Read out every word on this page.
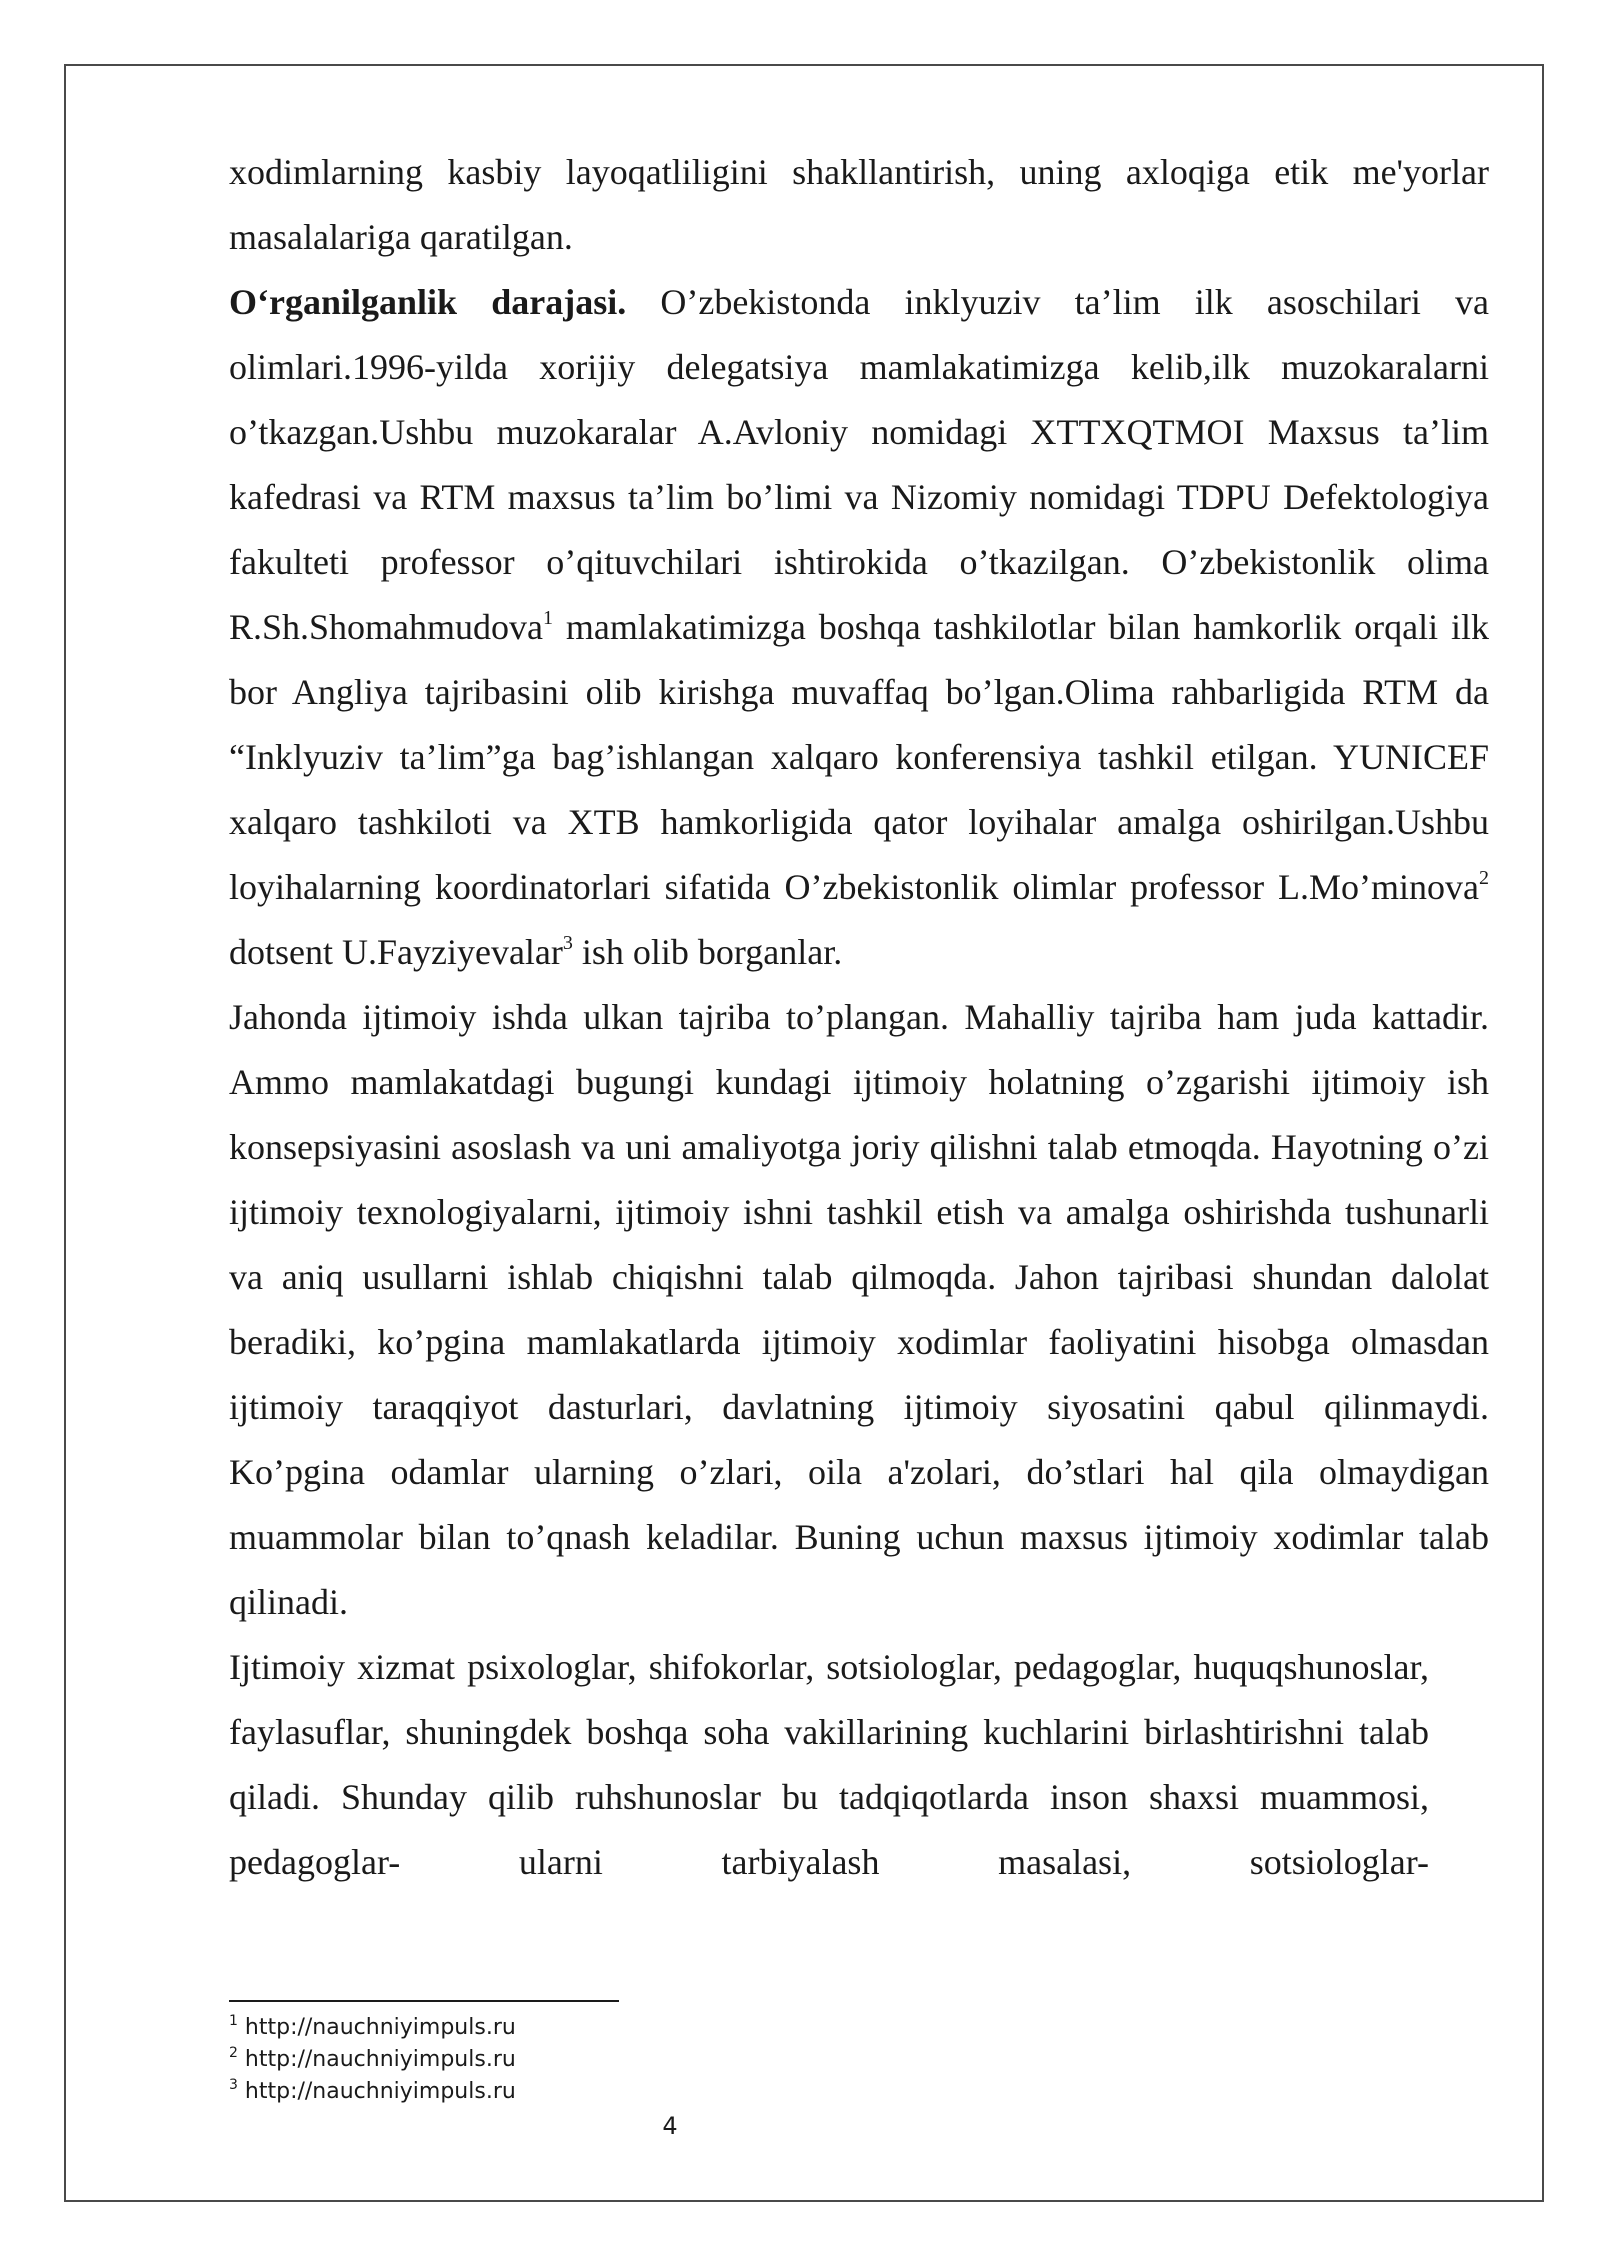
xodimlarning kasbiy layoqatliligini shakllantirish, uning axloqiga etik me'yorlar masalalariga qaratilgan.

O‘rganilganlik darajasi. O’zbekistonda inklyuziv ta’lim ilk asoschilari va olimlari.1996-yilda xorijiy delegatsiya mamlakatimizga kelib,ilk muzokaralarni o’tkazgan.Ushbu muzokaralar A.Avloniy nomidagi XTTXQTMOI Maxsus ta’lim kafedrasi va RTM maxsus ta’lim bo’limi va Nizomiy nomidagi TDPU Defektologiya fakulteti professor o’qituvchilari ishtirokida o’tkazilgan. O’zbekistonlik olima R.Sh.Shomahmudova$^1$ mamlakatimizga boshqa tashkilotlar bilan hamkorlik orqali ilk bor Angliya tajribasini olib kirishga muvaffaq bo’lgan.Olima rahbarligida RTM da “Inklyuziv ta’lim”ga bag’ishlangan xalqaro konferensiya tashkil etilgan. YUNICEF xalqaro tashkiloti va XTB hamkorligida qator loyihalar amalga oshirilgan.Ushbu loyihalarning koordinatorlari sifatida O’zbekistonlik olimlar professor L.Mo’minova$^2$ dotsent U.Fayziyevalar$^3$ ish olib borganlar.

Jahonda ijtimoiy ishda ulkan tajriba to’plangan. Mahalliy tajriba ham juda kattadir. Ammo mamlakatdagi bugungi kundagi ijtimoiy holatning o’zgarishi ijtimoiy ish konsepsiyasini asoslash va uni amaliyotga joriy qilishni talab etmoqda. Hayotning o’zi ijtimoiy texnologiyalarni, ijtimoiy ishni tashkil etish va amalga oshirishda tushunarli va aniq usullarni ishlab chiqishni talab qilmoqda. Jahon tajribasi shundan dalolat beradiki, ko’pgina mamlakatlarda ijtimoiy xodimlar faoliyatini hisobga olmasdan ijtimoiy taraqqiyot dasturlari, davlatning ijtimoiy siyosatini qabul qilinmaydi. Ko’pgina odamlar ularning o’zlari, oila a'zolari, do’stlari hal qila olmaydigan muammolar bilan to’qnash keladilar. Buning uchun maxsus ijtimoiy xodimlar talab qilinadi.

Ijtimoiy xizmat psixologlar, shifokorlar, sotsiologlar, pedagoglar, huquqshunoslar, faylasuflar, shuningdek boshqa soha vakillarining kuchlarini birlashtirishni talab qiladi. Shunday qilib ruhshunoslar bu tadqiqotlarda inson shaxsi muammosi, pedagoglar- ularni tarbiyalash masalasi, sotsiologlar-

$^1$ http://nauchniyimpuls.ru
$^2$ http://nauchniyimpuls.ru
$^3$ http://nauchniyimpuls.ru
4
